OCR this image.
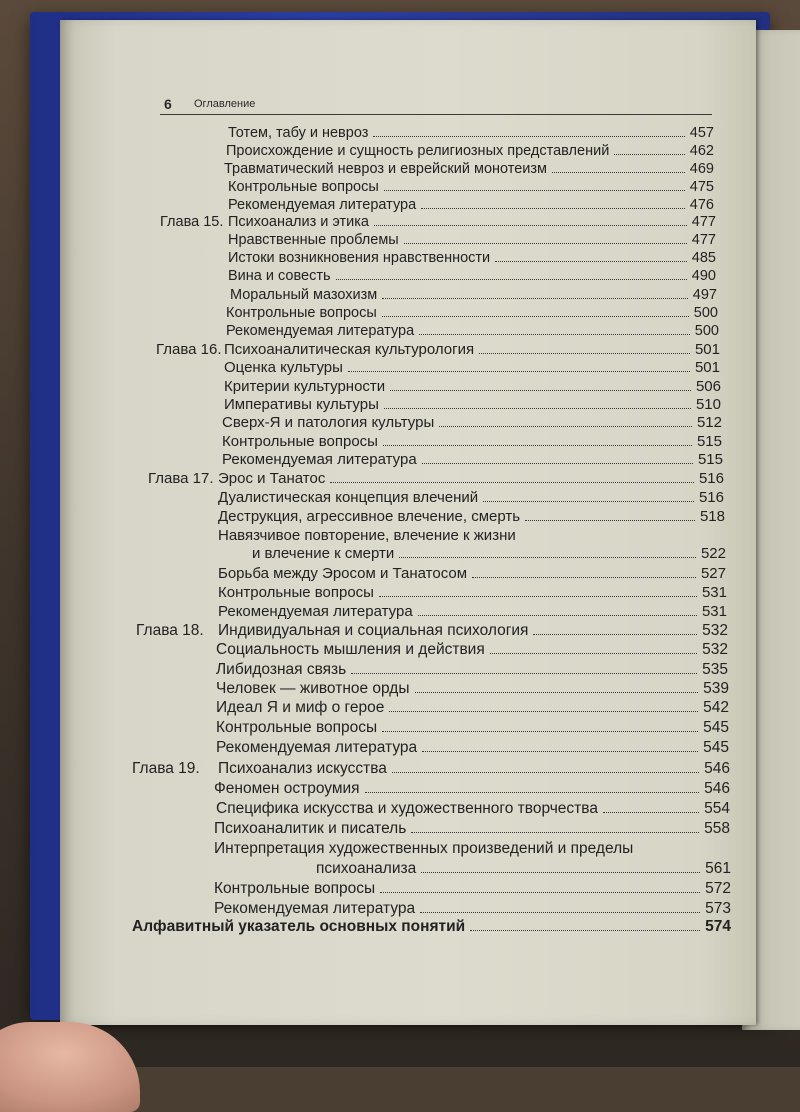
6 Оглавление
Тотем, табу и невроз	457
Происхождение и сущность религиозных представлений	462
Травматический невроз и еврейский монотеизм	469
Контрольные вопросы	475
Рекомендуемая литература	476
Глава 15. Психоанализ и этика	477
Нравственные проблемы	477
Истоки возникновения нравственности	485
Вина и совесть	490
Моральный мазохизм	497
Контрольные вопросы	500
Рекомендуемая литература	500
Глава 16. Психоаналитическая культурология	501
Оценка культуры	501
Критерии культурности	506
Императивы культуры	510
Сверх-Я и патология культуры	512
Контрольные вопросы	515
Рекомендуемая литература	515
Глава 17. Эрос и Танатос	516
Дуалистическая концепция влечений	516
Деструкция, агрессивное влечение, смерть	518
Навязчивое повторение, влечение к жизни
и влечение к смерти	522
Борьба между Эросом и Танатосом	527
Контрольные вопросы	531
Рекомендуемая литература	531
Глава 18. Индивидуальная и социальная психология	532
Социальность мышления и действия	532
Либидозная связь	535
Человек — животное орды	539
Идеал Я и миф о герое	542
Контрольные вопросы	545
Рекомендуемая литература	545
Глава 19. Психоанализ искусства	546
Феномен остроумия	546
Специфика искусства и художественного творчества	554
Психоаналитик и писатель	558
Интерпретация художественных произведений и пределы
психоанализа	561
Контрольные вопросы	572
Рекомендуемая литература	573
Алфавитный указатель основных понятий	574
